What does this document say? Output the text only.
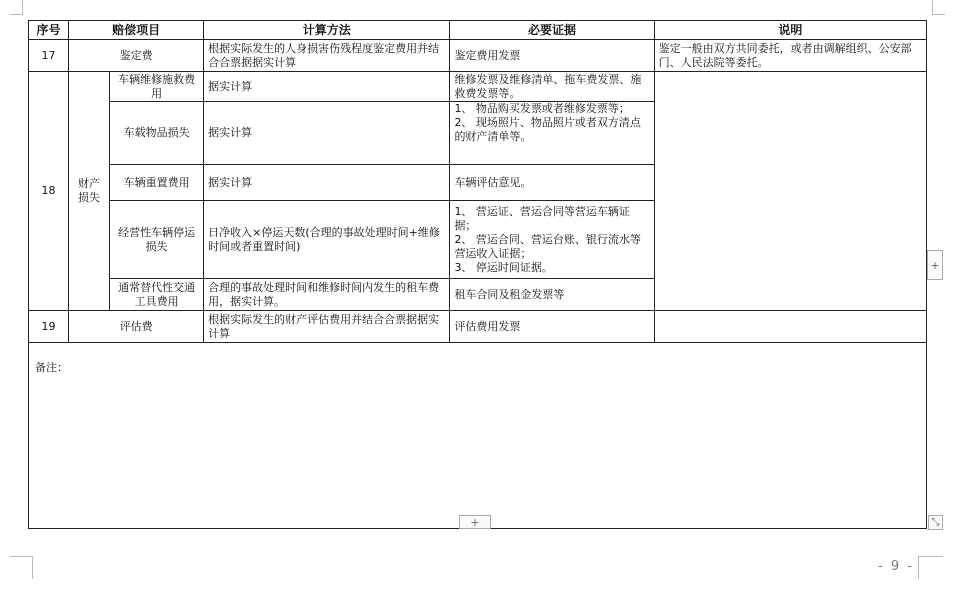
序号	赔偿项目		计算方法	必要证据	说明
17	鉴定费		根据实际发生的人身损害伤残程度鉴定费用并结合合票据据实计算	鉴定费用发票	鉴定一般由双方共同委托，或者由调解组织、公安部门、人民法院等委托。
18	财产损失	车辆维修施救费用	据实计算	维修发票及维修清单、拖车费发票、施救费发票等。	

		车载物品损失	据实计算	1、 物品购买发票或者维修发票等；
2、 现场照片、物品照片或者双方清点的财产清单等。	

		车辆重置费用	据实计算	车辆评估意见。	

		经营性车辆停运损失	日净收入×停运天数(合理的事故处理时间+维修时间或者重置时间)	1、 营运证、营运合同等营运车辆证据；
2、 营运合同、营运台账、银行流水等营运收入证据；
3、 停运时间证据。	

		通常替代性交通工具费用	合理的事故处理时间和维修时间内发生的租车费用，据实计算。	租车合同及租金发票等	

19	评估费		根据实际发生的财产评估费用并结合合票据据实计算	评估费用发票	
备注：					
+
+	⤡
- 9 -
